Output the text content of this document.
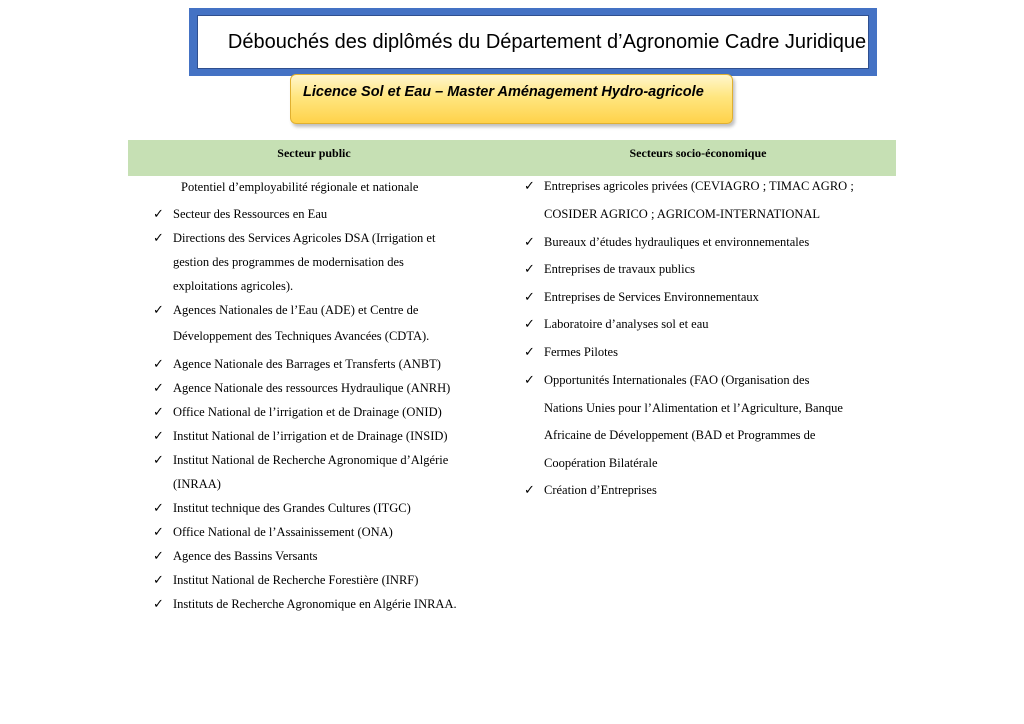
Débouchés des diplômés du Département d’Agronomie Cadre Juridique
Licence Sol et Eau – Master Aménagement Hydro-agricole
Secteur public	Secteurs socio-économique
Potentiel d’employabilité régionale et nationale
✓ Secteur des Ressources en Eau
✓ Directions des Services Agricoles DSA (Irrigation et
gestion des programmes de modernisation des
exploitations agricoles).
✓ Agences Nationales de l’Eau (ADE) et Centre de
Développement des Techniques Avancées (CDTA).
✓ Agence Nationale des Barrages et Transferts (ANBT)
✓ Agence Nationale des ressources Hydraulique (ANRH)
✓ Office National de l’irrigation et de Drainage (ONID)
✓ Institut National de l’irrigation et de Drainage (INSID)
✓ Institut National de Recherche Agronomique d’Algérie
(INRAA)
✓ Institut technique des Grandes Cultures (ITGC)
✓ Office National de l’Assainissement (ONA)
✓ Agence des Bassins Versants
✓ Institut National de Recherche Forestière (INRF)
✓ Instituts de Recherche Agronomique en Algérie INRAA.
✓ Entreprises agricoles privées (CEVIAGRO ; TIMAC AGRO ;
COSIDER AGRICO ; AGRICOM-INTERNATIONAL
✓ Bureaux d’études hydrauliques et environnementales
✓ Entreprises de travaux publics
✓ Entreprises de Services Environnementaux
✓ Laboratoire d’analyses sol et eau
✓ Fermes Pilotes
✓ Opportunités Internationales (FAO (Organisation des
Nations Unies pour l’Alimentation et l’Agriculture, Banque
Africaine de Développement (BAD et Programmes de
Coopération Bilatérale
✓ Création d’Entreprises
